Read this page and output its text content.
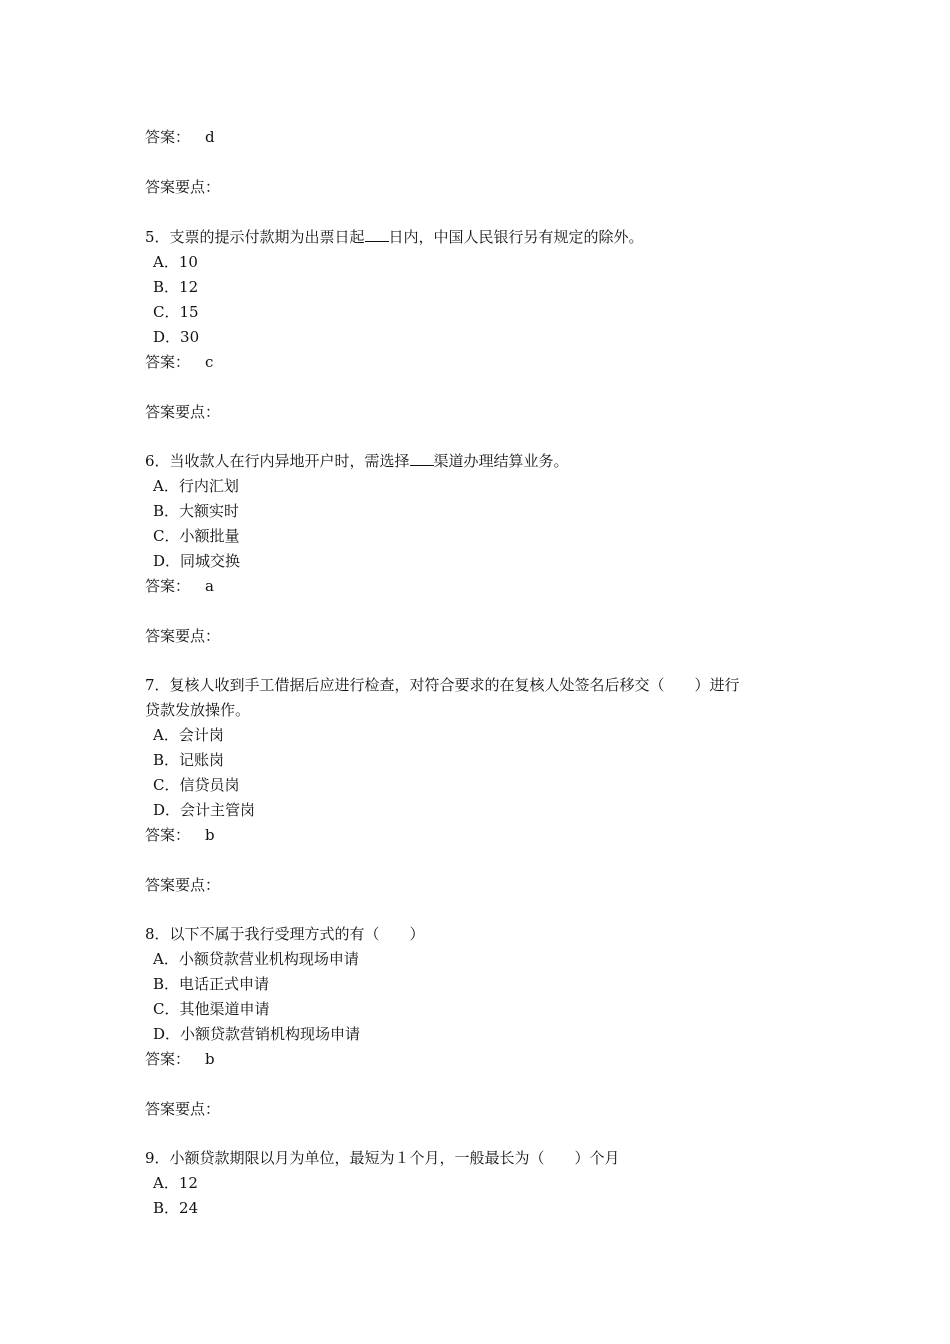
答案： d
答案要点：
5．支票的提示付款期为出票日起 日内，中国人民银行另有规定的除外。
A．10
B．12
C．15
D．30
答案： c
答案要点：
6．当收款人在行内异地开户时，需选择 渠道办理结算业务。
A．行内汇划
B．大额实时
C．小额批量
D．同城交换
答案： a
答案要点：
7．复核人收到手工借据后应进行检查，对符合要求的在复核人处签名后移交（　　）进行
贷款发放操作。
A．会计岗
B．记账岗
C．信贷员岗
D．会计主管岗
答案： b
答案要点：
8．以下不属于我行受理方式的有（　　）
A．小额贷款营业机构现场申请
B．电话正式申请
C．其他渠道申请
D．小额贷款营销机构现场申请
答案： b
答案要点：
9．小额贷款期限以月为单位，最短为１个月，一般最长为（　　）个月
A．12
B．24
